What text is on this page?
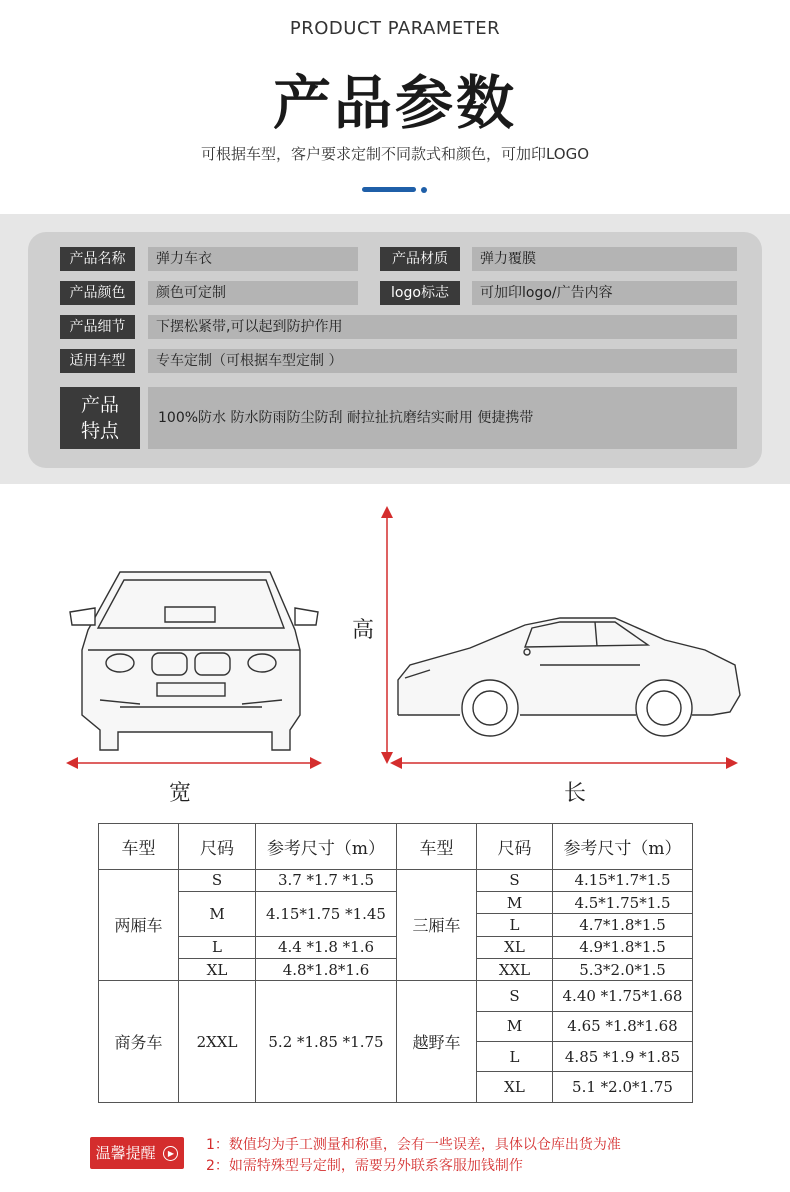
PRODUCT PARAMETER
产品参数
可根据车型，客户要求定制不同款式和颜色，可加印LOGO
产品名称	弹力车衣	产品材质	弹力覆膜
产品颜色	颜色可定制	logo标志	可加印logo/广告内容
产品细节	下摆松紧带,可以起到防护作用
适用车型	专车定制（可根据车型定制 ）
产品
特点
100%防水 防水防雨防尘防刮 耐拉扯抗磨结实耐用 便捷携带
宽
高
长
车型	尺码	参考尺寸（m）	车型	尺码	参考尺寸（m）
两厢车	S	3.7 *1.7 *1.5	三厢车	S	4.15*1.7*1.5
	M	4.15*1.75 *1.45		M	4.5*1.75*1.5
				L	4.7*1.8*1.5
	L	4.4 *1.8 *1.6		XL	4.9*1.8*1.5
	XL	4.8*1.8*1.6		XXL	5.3*2.0*1.5
商务车	2XXL	5.2 *1.85 *1.75	越野车	S	4.40 *1.75*1.68
				M	4.65 *1.8*1.68
				L	4.85 *1.9 *1.85
				XL	5.1 *2.0*1.75
温馨提醒 ▶
1：数值均为手工测量和称重，会有一些误差，具体以仓库出货为准
2：如需特殊型号定制，需要另外联系客服加钱制作
